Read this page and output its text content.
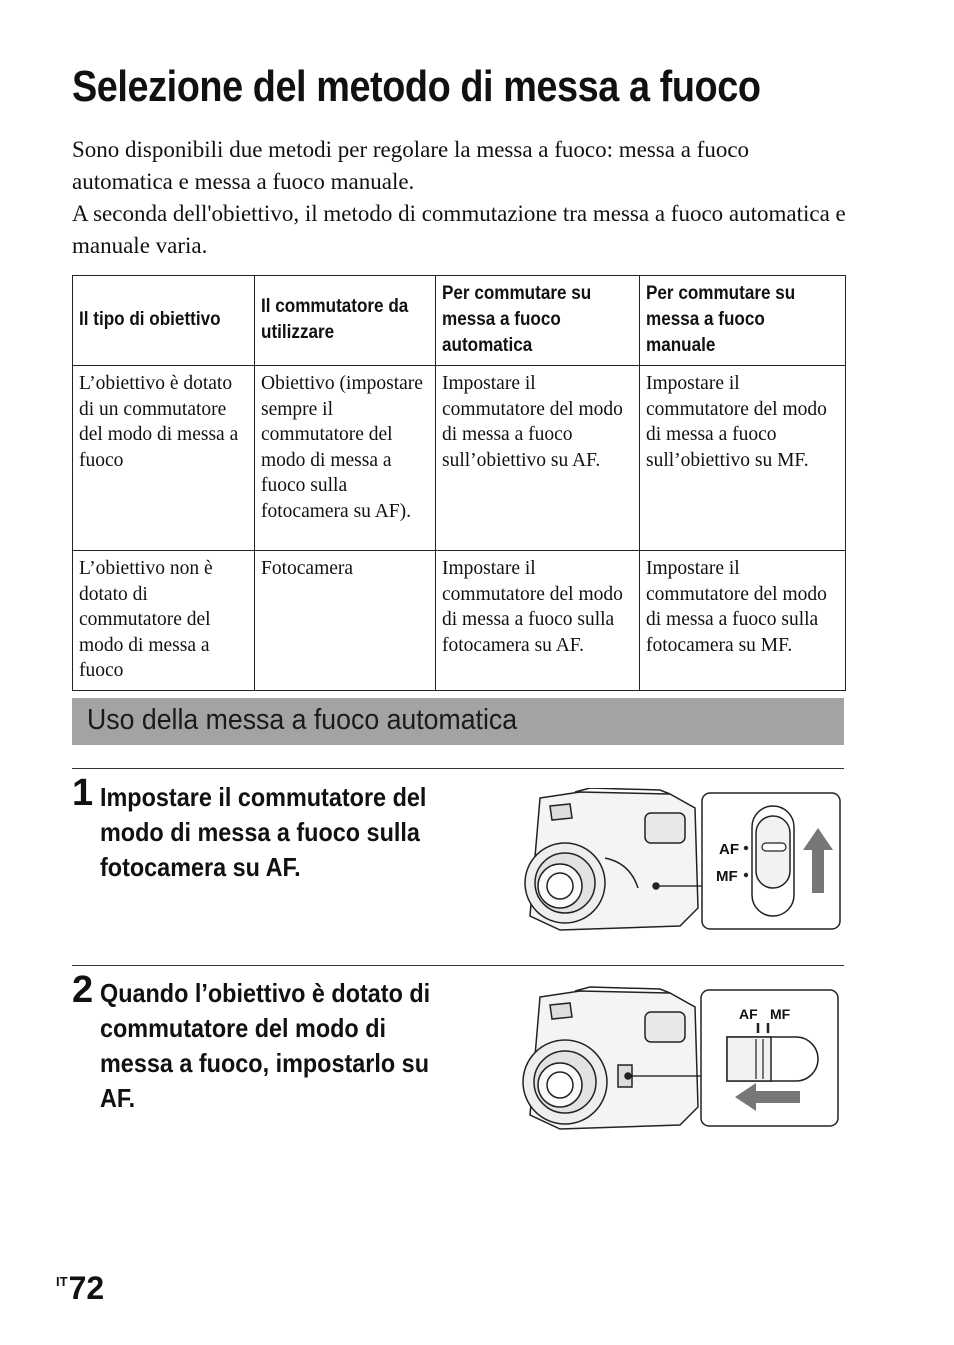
Selezione del metodo di messa a fuoco

Sono disponibili due metodi per regolare la messa a fuoco: messa a fuoco automatica e messa a fuoco manuale.

A seconda dell'obiettivo, il metodo di commutazione tra messa a fuoco automatica e manuale varia.

Il tipo di obiettivo	Il commutatore da utilizzare	Per commutare su messa a fuoco automatica	Per commutare su messa a fuoco manuale
L’obiettivo è dotato di un commutatore del modo di messa a fuoco	Obiettivo (impostare sempre il commutatore del modo di messa a fuoco sulla fotocamera su AF).	Impostare il commutatore del modo di messa a fuoco sull’obiettivo su AF.	Impostare il commutatore del modo di messa a fuoco sull’obiettivo su MF.
L’obiettivo non è dotato di commutatore del modo di messa a fuoco	Fotocamera	Impostare il commutatore del modo di messa a fuoco sulla fotocamera su AF.	Impostare il commutatore del modo di messa a fuoco sulla fotocamera su MF.
Uso della messa a fuoco automatica
1 Impostare il commutatore del modo di messa a fuoco sulla fotocamera su AF.
AF
MF
2 Quando l’obiettivo è dotato di commutatore del modo di messa a fuoco, impostarlo su AF.
AF MF
$^{IT}$72
